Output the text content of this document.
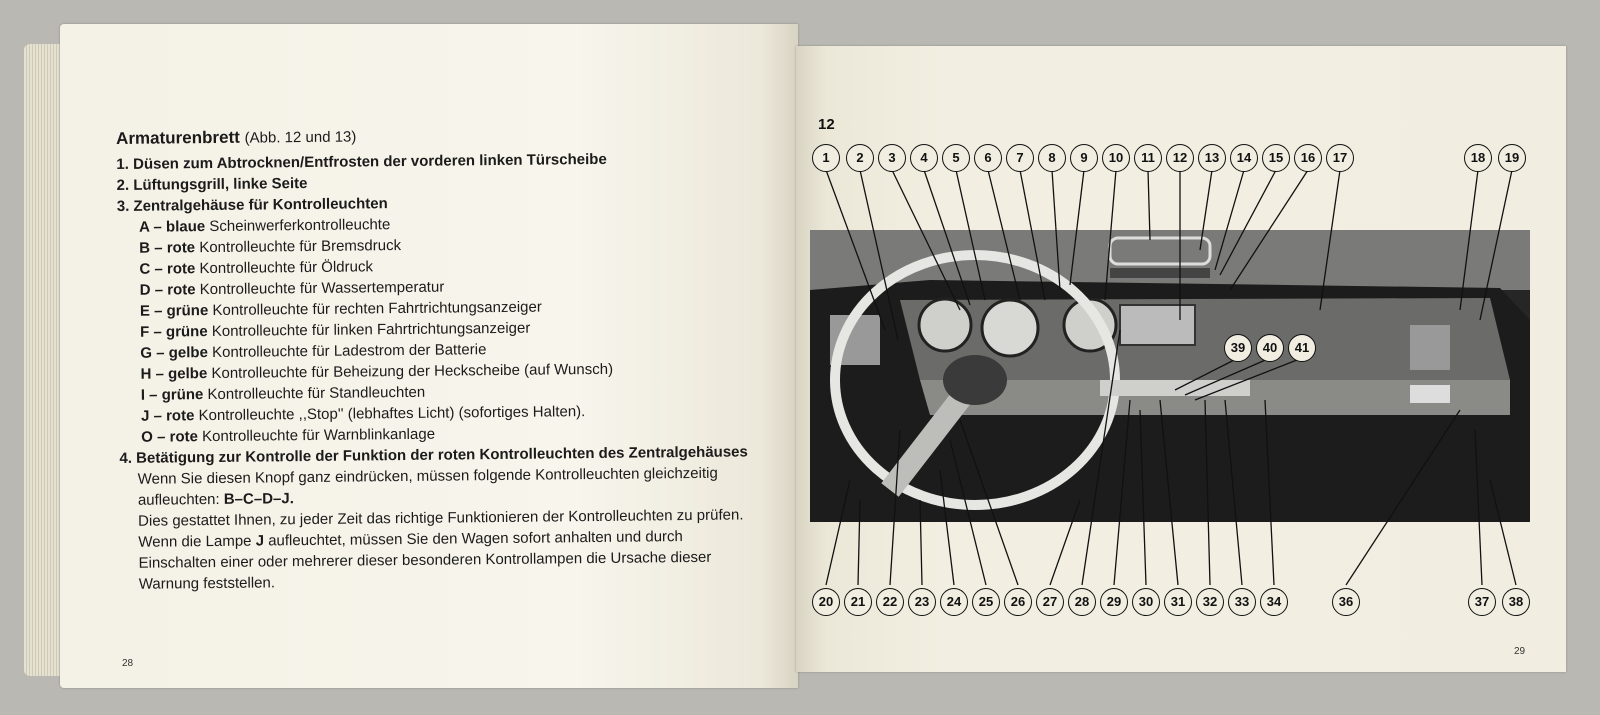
Armaturenbrett (Abb. 12 und 13)
1. Düsen zum Abtrocknen/Entfrosten der vorderen linken Türscheibe
2. Lüftungsgrill, linke Seite
3. Zentralgehäuse für Kontrolleuchten
A – blaue Scheinwerferkontrolleuchte
B – rote Kontrolleuchte für Bremsdruck
C – rote Kontrolleuchte für Öldruck
D – rote Kontrolleuchte für Wassertemperatur
E – grüne Kontrolleuchte für rechten Fahrtrichtungsanzeiger
F – grüne Kontrolleuchte für linken Fahrtrichtungsanzeiger
G – gelbe Kontrolleuchte für Ladestrom der Batterie
H – gelbe Kontrolleuchte für Beheizung der Heckscheibe (auf Wunsch)
I – grüne Kontrolleuchte für Standleuchten
J – rote Kontrolleuchte ,,Stop'' (lebhaftes Licht) (sofortiges Halten).
O – rote Kontrolleuchte für Warnblinkanlage
4. Betätigung zur Kontrolle der Funktion der roten Kontrolleuchten des Zentralgehäuses
Wenn Sie diesen Knopf ganz eindrücken, müssen folgende Kontrolleuchten gleichzeitig aufleuchten: B–C–D–J.
Dies gestattet Ihnen, zu jeder Zeit das richtige Funktionieren der Kontrolleuchten zu prüfen.
Wenn die Lampe J aufleuchtet, müssen Sie den Wagen sofort anhalten und durch Einschalten einer oder mehrerer dieser besonderen Kontrollampen die Ursache dieser Warnung feststellen.
28
29
12
1	2	3	4	5	6	7	8	9	10	11	12	13	14	15	16	17	18	19
39	40	41
20	21	22	23	24	25	26	27	28	29	30	31	32	33	34	36	37	38
